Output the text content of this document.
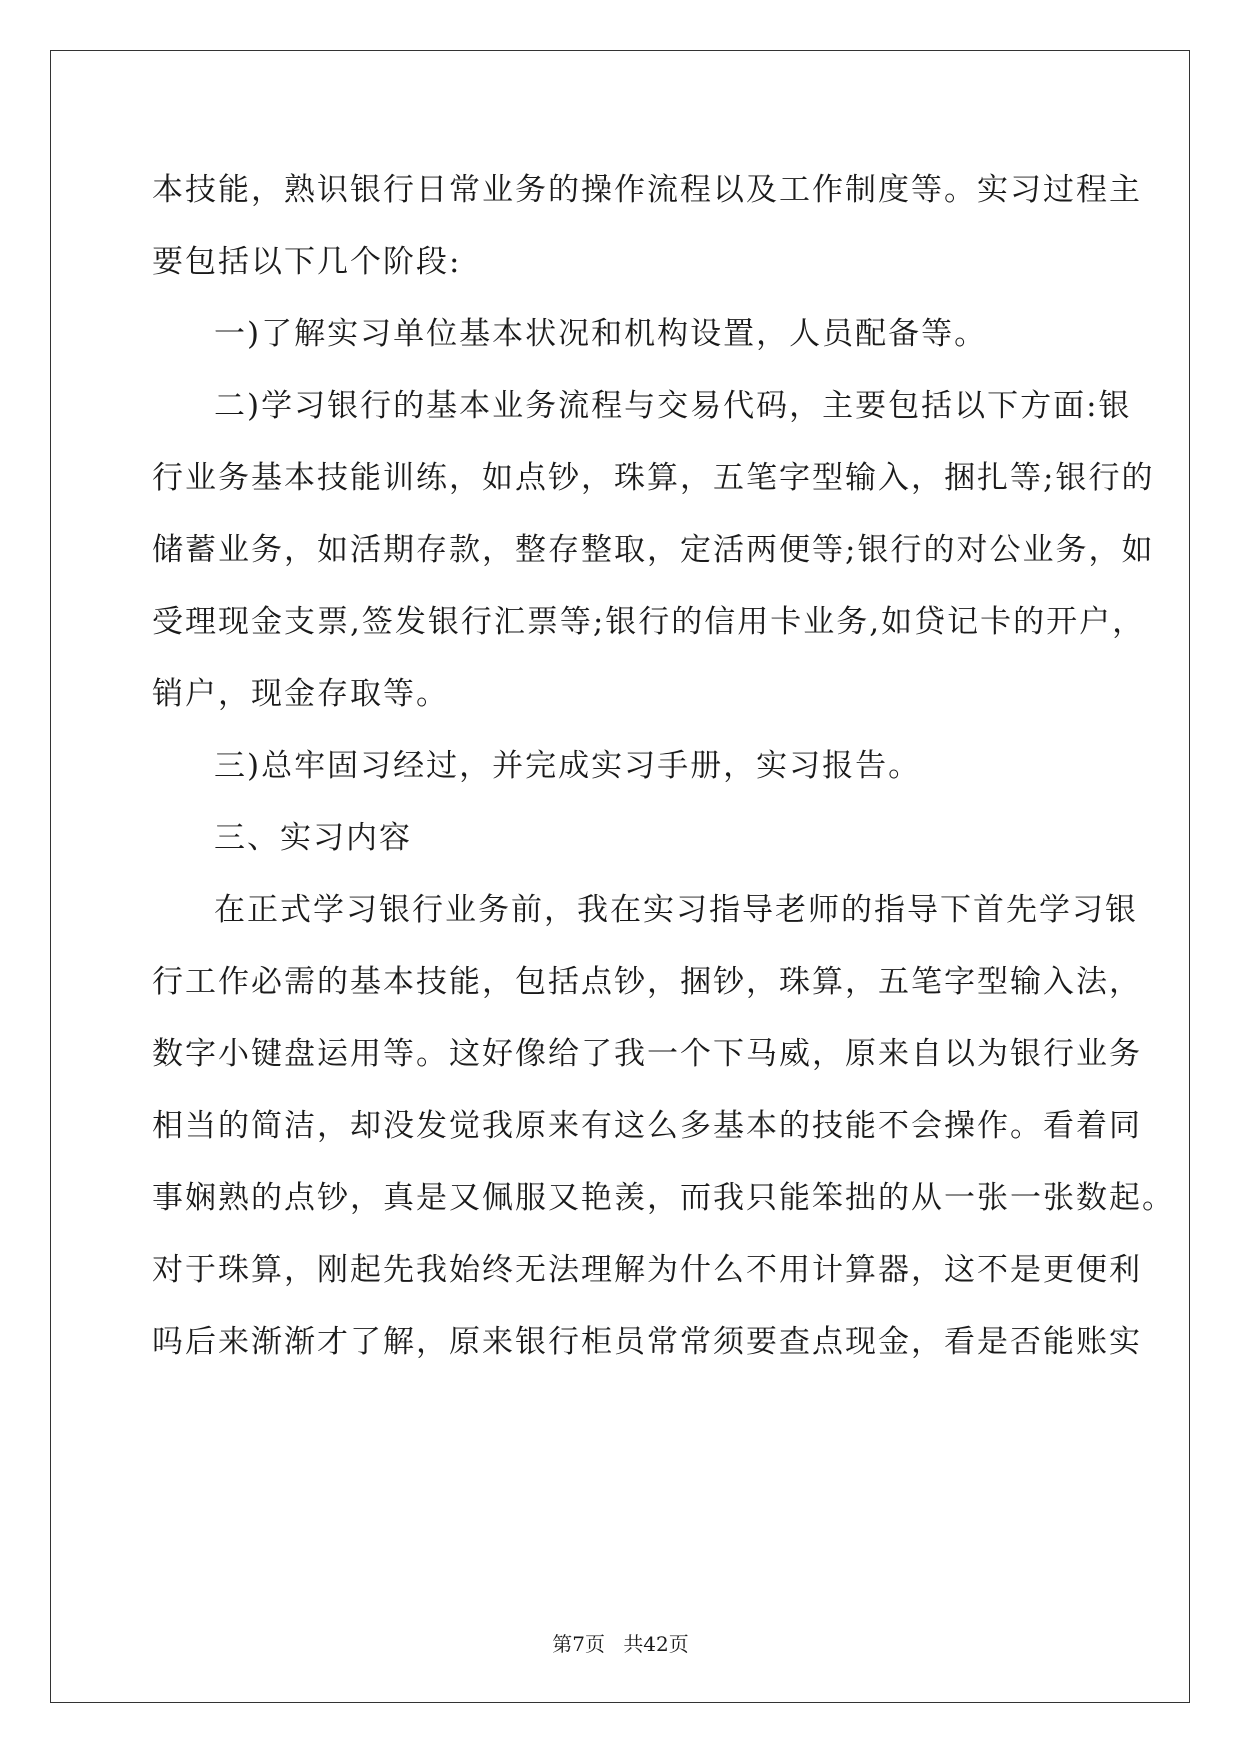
本技能，熟识银行日常业务的操作流程以及工作制度等。实习过程主
要包括以下几个阶段:
一)了解实习单位基本状况和机构设置，人员配备等。
二)学习银行的基本业务流程与交易代码，主要包括以下方面:银
行业务基本技能训练，如点钞，珠算，五笔字型输入，捆扎等;银行的
储蓄业务，如活期存款，整存整取，定活两便等;银行的对公业务，如
受理现金支票,签发银行汇票等;银行的信用卡业务,如贷记卡的开户，
销户，现金存取等。
三)总牢固习经过，并完成实习手册，实习报告。
三、实习内容
在正式学习银行业务前，我在实习指导老师的指导下首先学习银
行工作必需的基本技能，包括点钞，捆钞，珠算，五笔字型输入法，
数字小键盘运用等。这好像给了我一个下马威，原来自以为银行业务
相当的简洁，却没发觉我原来有这么多基本的技能不会操作。看着同
事娴熟的点钞，真是又佩服又艳羡，而我只能笨拙的从一张一张数起。
对于珠算，刚起先我始终无法理解为什么不用计算器，这不是更便利
吗后来渐渐才了解，原来银行柜员常常须要查点现金，看是否能账实
第7页 共42页
